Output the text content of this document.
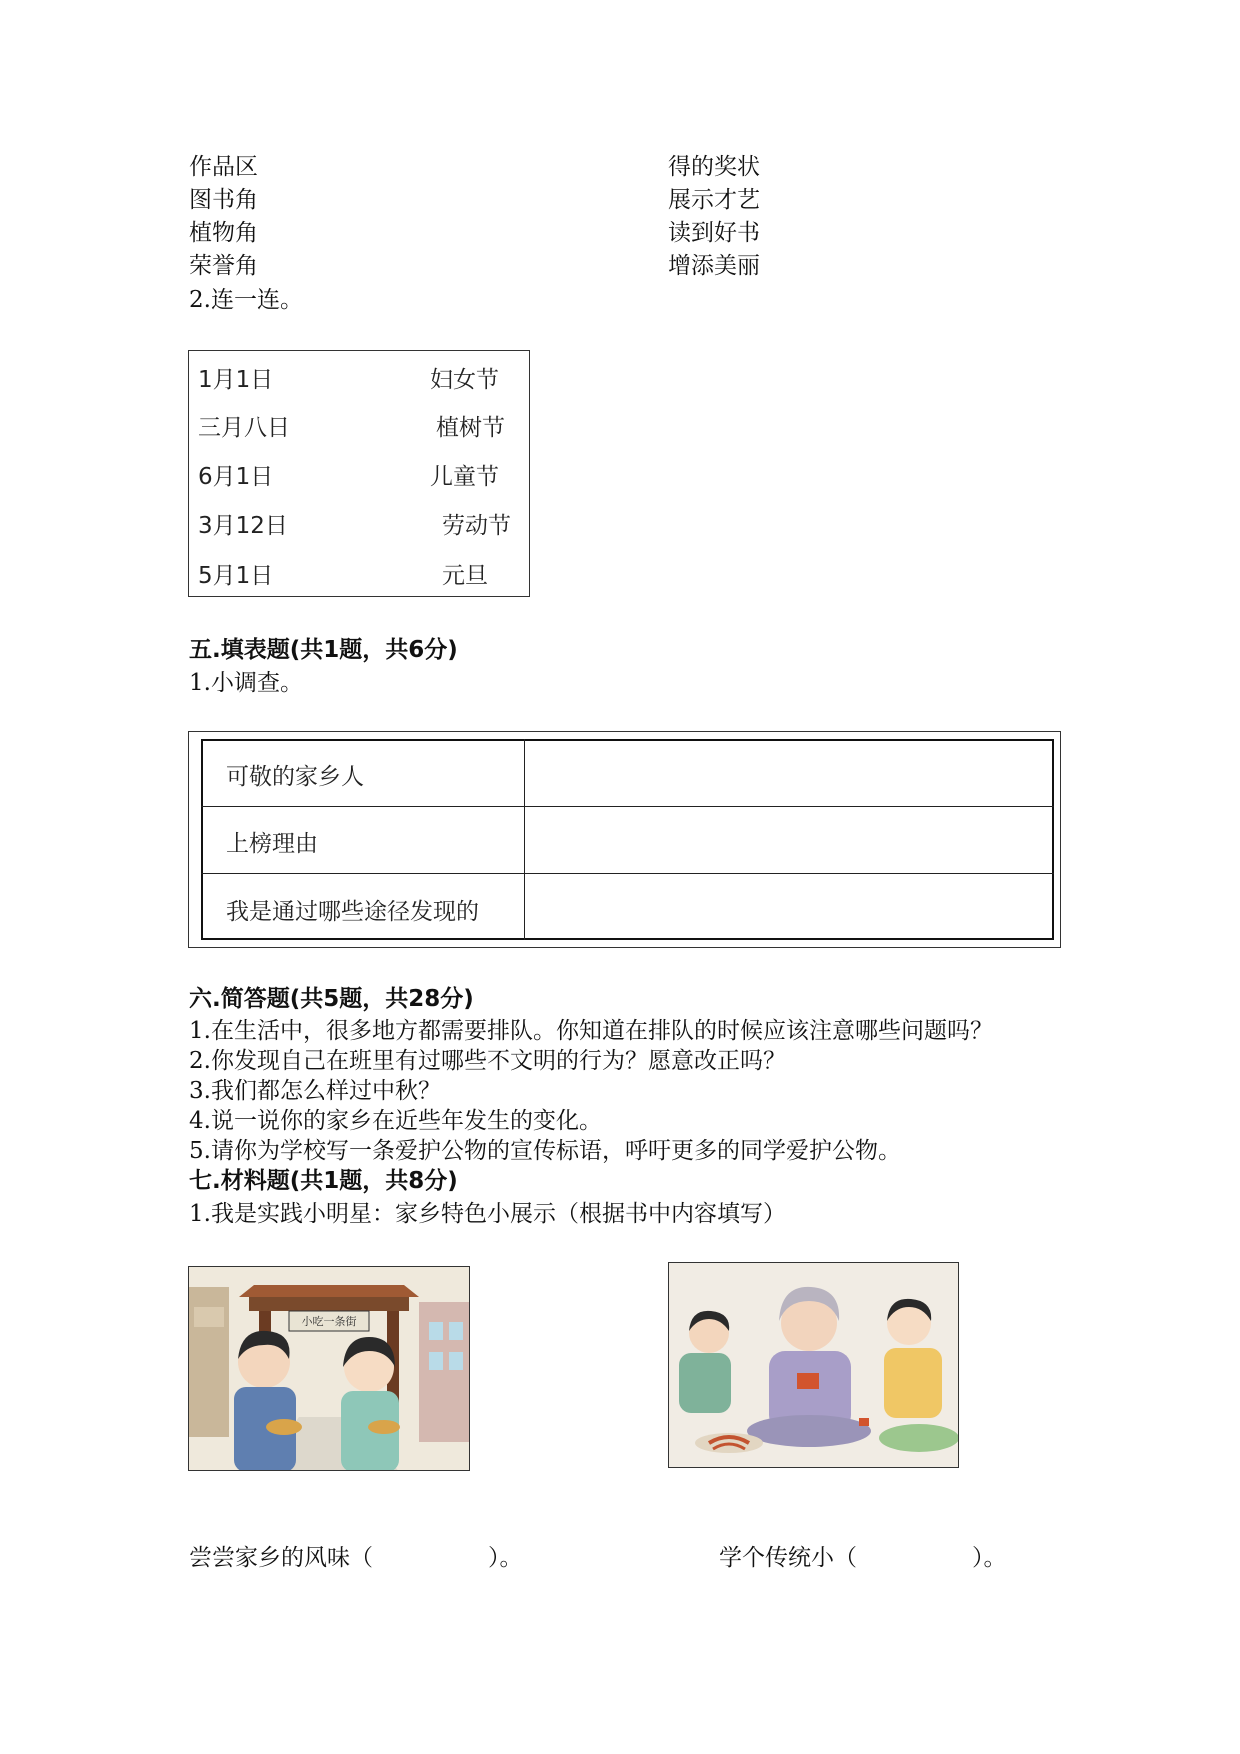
作品区
图书角
植物角
荣誉角
得的奖状
展示才艺
读到好书
增添美丽
2.连一连。
1月1日
三月八日
6月1日
3月12日
5月1日
妇女节
植树节
儿童节
劳动节
元旦
五.填表题(共1题，共6分)
1.小调查。
可敬的家乡人
上榜理由
我是通过哪些途径发现的
六.简答题(共5题，共28分)
1.在生活中，很多地方都需要排队。你知道在排队的时候应该注意哪些问题吗？
2.你发现自己在班里有过哪些不文明的行为？愿意改正吗？
3.我们都怎么样过中秋？
4.说一说你的家乡在近些年发生的变化。
5.请你为学校写一条爱护公物的宣传标语，呼吁更多的同学爱护公物。
七.材料题(共1题，共8分)
1.我是实践小明星：家乡特色小展示（根据书中内容填写）
小吃一条街
尝尝家乡的风味（　　　　　）。	学个传统小（　　　　　）。
